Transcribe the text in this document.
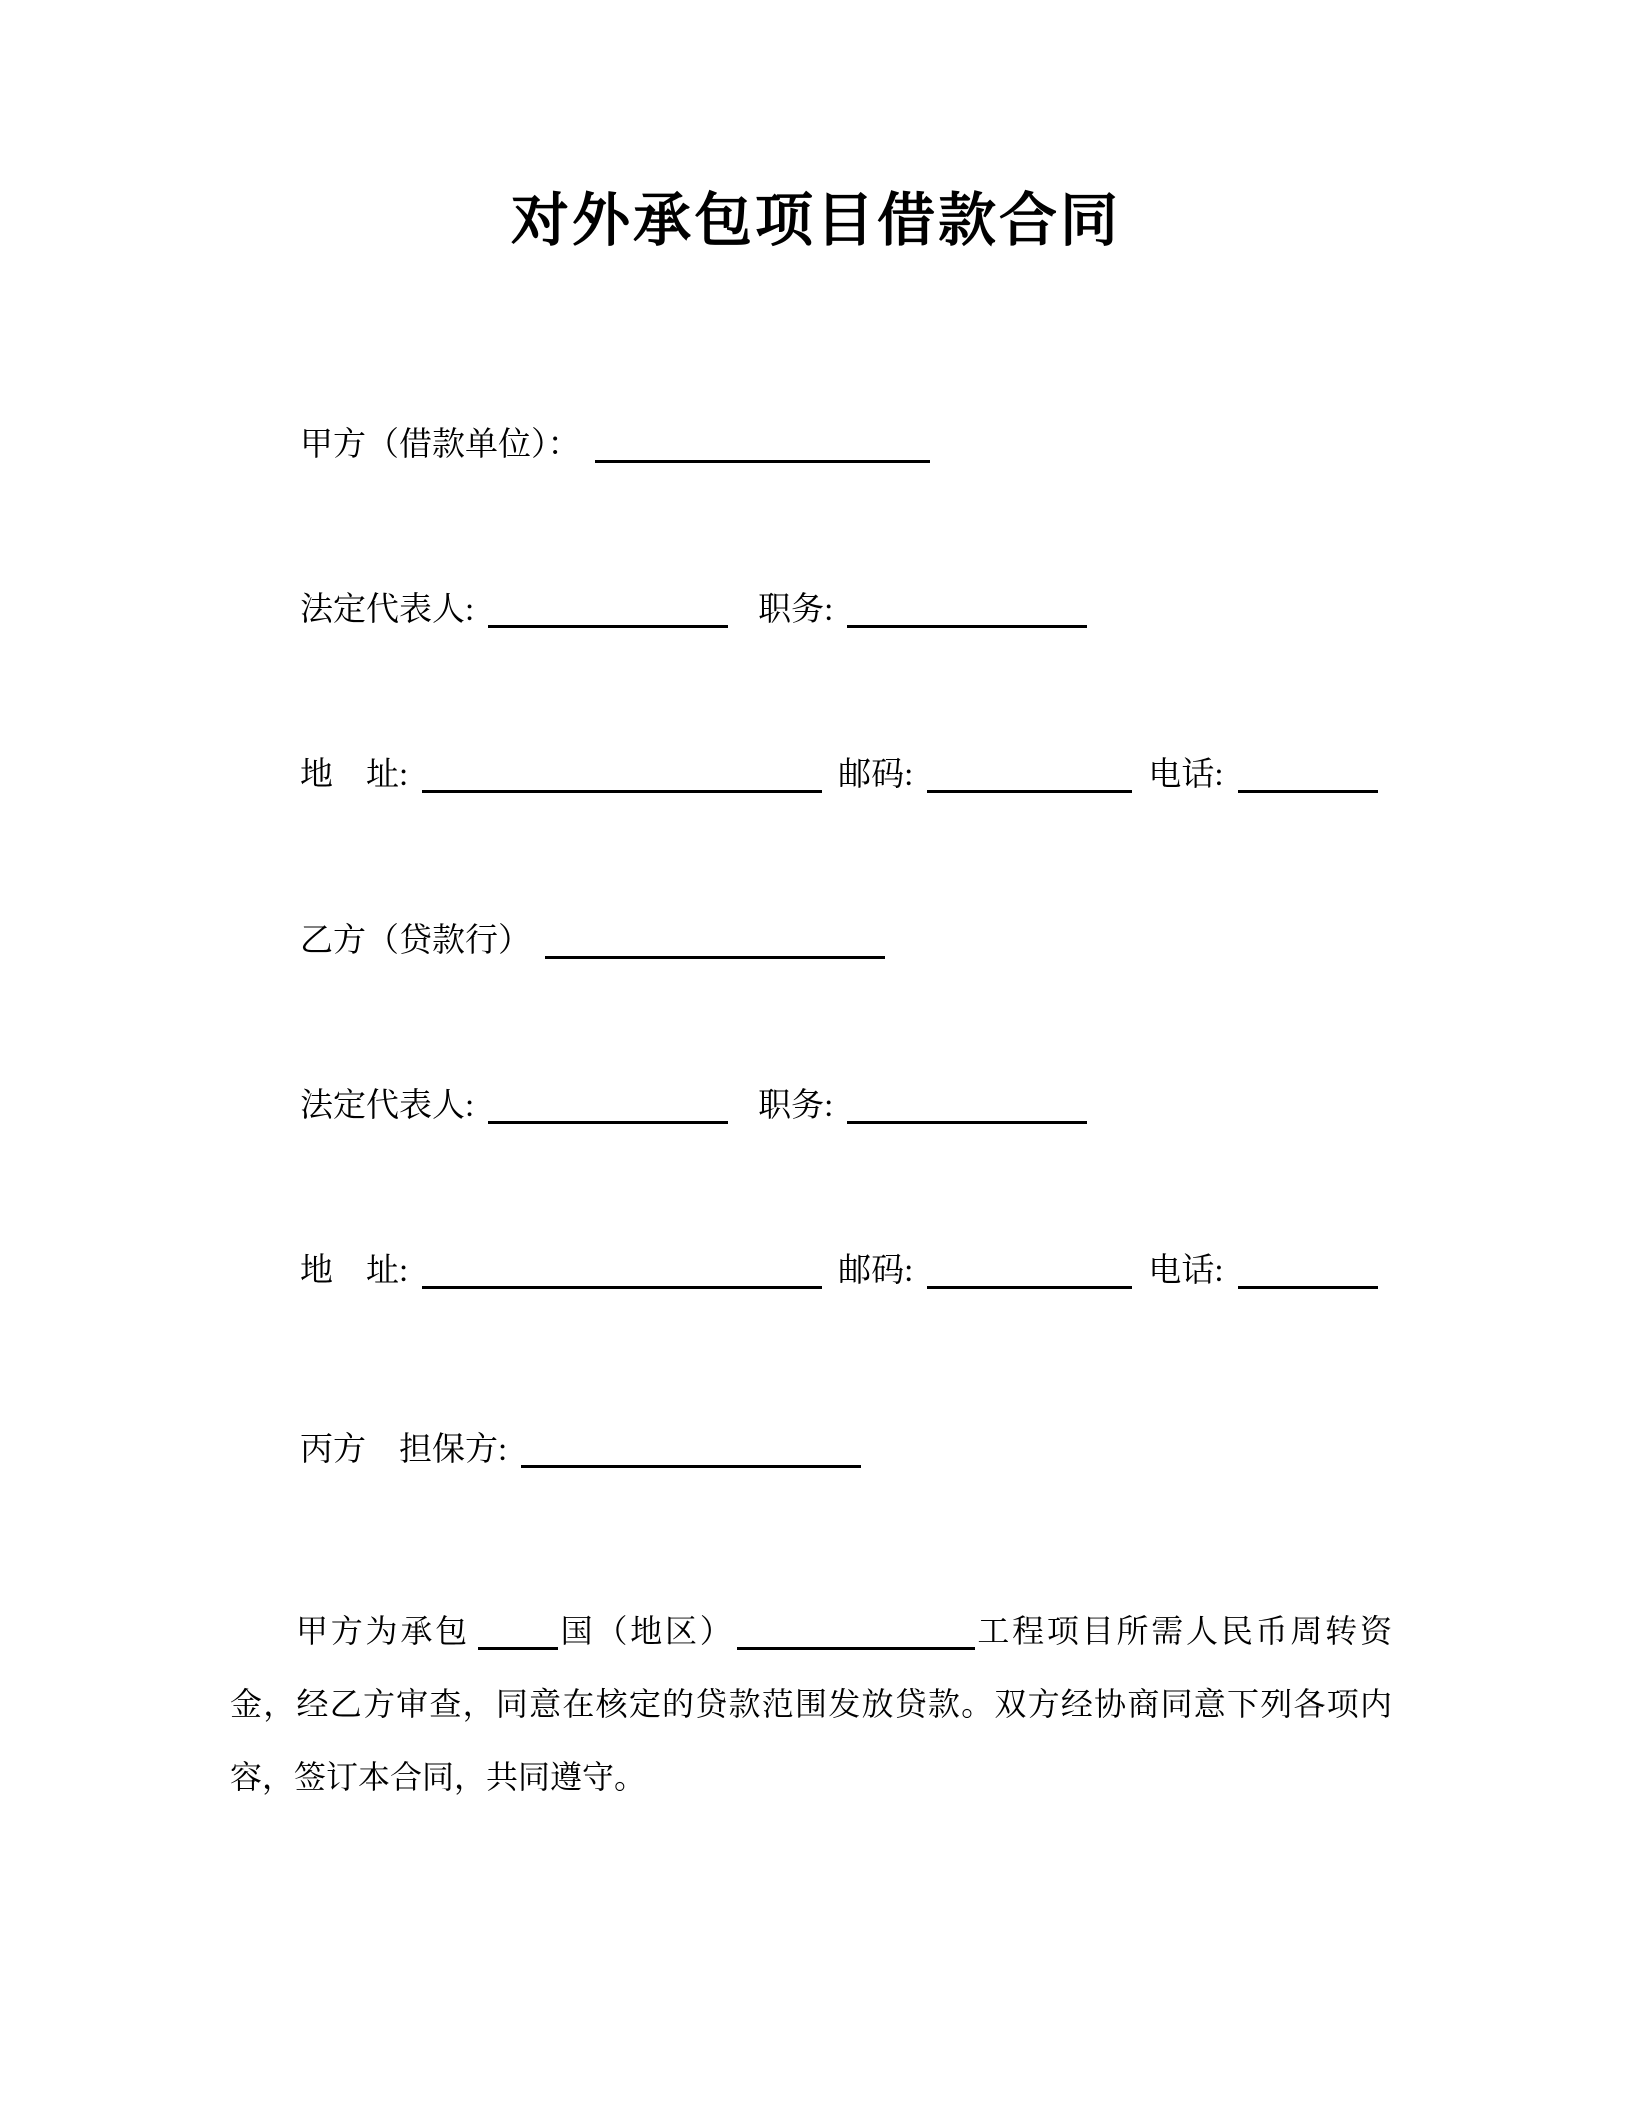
对外承包项目借款合同
甲方（借款单位）：
法定代表人:	职务:
地　址:	邮码:	电话:
乙方（贷款行）
法定代表人:	职务:
地　址:	邮码:	电话:
丙方　担保方:

甲方为承包	国（地区）	工程项目所需人民币周转资金，经乙方审查，同意在核定的贷款范围发放贷款。双方经协商同意下列各项内容，签订本合同，共同遵守。
